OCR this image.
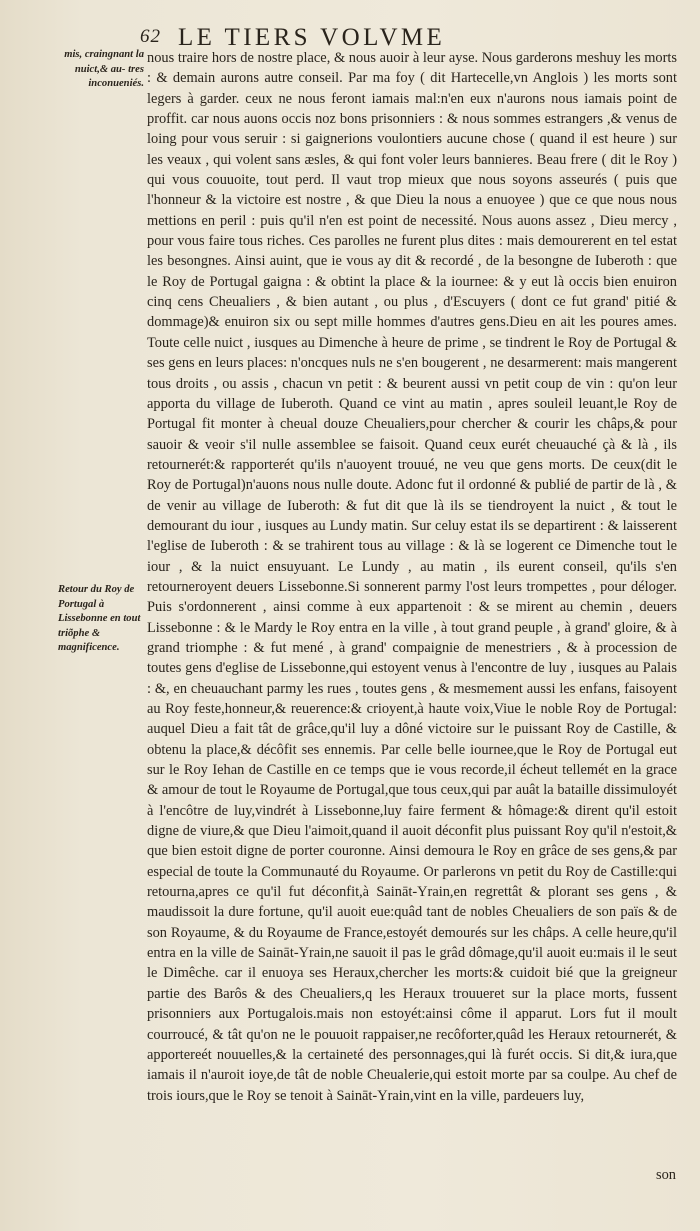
62 LE TIERS VOLVME
mis, craingnant la nuict,& au- tres inconueniés.
Retour du Roy de Portugal à Lissebonne en tout triõphe & magnificence.
nous traire hors de nostre place, & nous auoir à leur ayse. Nous garderons meshuy les morts : & demain aurons autre conseil. Par ma foy ( dit Hartecelle,vn Anglois ) les morts sont legers à garder. ceux ne nous feront iamais mal:n'en eux n'aurons nous iamais point de proffit. car nous auons occis noz bons prisonniers : & nous sommes estrangers ,& venus de loing pour vous seruir : si gaignerions voulontiers aucune chose ( quand il est heure ) sur les veaux , qui volent sans æsles, & qui font voler leurs bannieres. Beau frere ( dit le Roy ) qui vous couuoite, tout perd. Il vaut trop mieux que nous soyons asseurés ( puis que l'honneur & la victoire est nostre , & que Dieu la nous a enuoyee ) que ce que nous nous mettions en peril : puis qu'il n'en est point de necessité. Nous auons assez , Dieu mercy , pour vous faire tous riches. Ces parolles ne furent plus dites : mais demourerent en tel estat les besongnes. Ainsi auint, que ie vous ay dit & recordé , de la besongne de Iuberoth : que le Roy de Portugal gaigna : & obtint la place & la iournee: & y eut là occis bien enuiron cinq cens Cheualiers , & bien autant , ou plus , d'Escuyers ( dont ce fut grand' pitié & dommage)& enuiron six ou sept mille hommes d'autres gens.Dieu en ait les poures ames. Toute celle nuict , iusques au Dimenche à heure de prime , se tindrent le Roy de Portugal & ses gens en leurs places: n'oncques nuls ne s'en bougerent , ne desarmerent: mais mangerent tous droits , ou assis , chacun vn petit : & beurent aussi vn petit coup de vin : qu'on leur apporta du village de Iuberoth. Quand ce vint au matin , apres souleil leuant,le Roy de Portugal fit monter à cheual douze Cheualiers,pour chercher & courir les châps,& pour sauoir & veoir s'il nulle assemblee se faisoit. Quand ceux eurét cheuauché çà & là , ils retournerét:& rapporterét qu'ils n'auoyent trouué, ne veu que gens morts. De ceux(dit le Roy de Portugal)n'auons nous nulle doute. Adonc fut il ordonné & publié de partir de là , & de venir au village de Iuberoth: & fut dit que là ils se tiendroyent la nuict , & tout le demourant du iour , iusques au Lundy matin. Sur celuy estat ils se departirent : & laisserent l'eglise de Iuberoth : & se trahirent tous au village : & là se logerent ce Dimenche tout le iour , & la nuict ensuyuant. Le Lundy , au matin , ils eurent conseil, qu'ils s'en retourneroyent deuers Lissebonne.Si sonnerent parmy l'ost leurs trompettes , pour déloger. Puis s'ordonnerent , ainsi comme à eux appartenoit : & se mirent au chemin , deuers Lissebonne : & le Mardy le Roy entra en la ville , à tout grand peuple , à grand' gloire, & à grand triomphe : & fut mené , à grand' compaignie de menestriers , & à procession de toutes gens d'eglise de Lissebonne,qui estoyent venus à l'encontre de luy , iusques au Palais : &, en cheuauchant parmy les rues , toutes gens , & mesmement aussi les enfans, faisoyent au Roy feste,honneur,& reuerence:& crioyent,à haute voix,Viue le noble Roy de Portugal: auquel Dieu a fait tât de grâce,qu'il luy a dôné victoire sur le puissant Roy de Castille, & obtenu la place,& décôfit ses ennemis. Par celle belle iournee,que le Roy de Portugal eut sur le Roy Iehan de Castille en ce temps que ie vous recorde,il écheut tellemét en la grace & amour de tout le Royaume de Portugal,que tous ceux,qui par auât la bataille dissimuloyét à l'encôtre de luy,vindrét à Lissebonne,luy faire ferment & hômage:& dirent qu'il estoit digne de viure,& que Dieu l'aimoit,quand il auoit déconfit plus puissant Roy qu'il n'estoit,& que bien estoit digne de porter couronne. Ainsi demoura le Roy en grâce de ses gens,& par especial de toute la Communauté du Royaume. Or parlerons vn petit du Roy de Castille:qui retourna,apres ce qu'il fut déconfit,à Saināt-Yrain,en regrettât & plorant ses gens , & maudissoit la dure fortune, qu'il auoit eue:quâd tant de nobles Cheualiers de son païs & de son Royaume, & du Royaume de France,estoyét demourés sur les châps. A celle heure,qu'il entra en la ville de Saināt-Yrain,ne sauoit il pas le grâd dômage,qu'il auoit eu:mais il le seut le Dimêche. car il enuoya ses Heraux,chercher les morts:& cuidoit bié que la greigneur partie des Barôs & des Cheualiers,q les Heraux trouueret sur la place morts, fussent prisonniers aux Portugalois.mais non estoyét:ainsi côme il apparut. Lors fut il moult courroucé, & tât qu'on ne le pouuoit rappaiser,ne recôforter,quâd les Heraux retournerét, & apportereét nouuelles,& la certaineté des personnages,qui là furét occis. Si dit,& iura,que iamais il n'auroit ioye,de tât de noble Cheualerie,qui estoit morte par sa coulpe. Au chef de trois iours,que le Roy se tenoit à Saināt-Yrain,vint en la ville, pardeuers luy,
son
